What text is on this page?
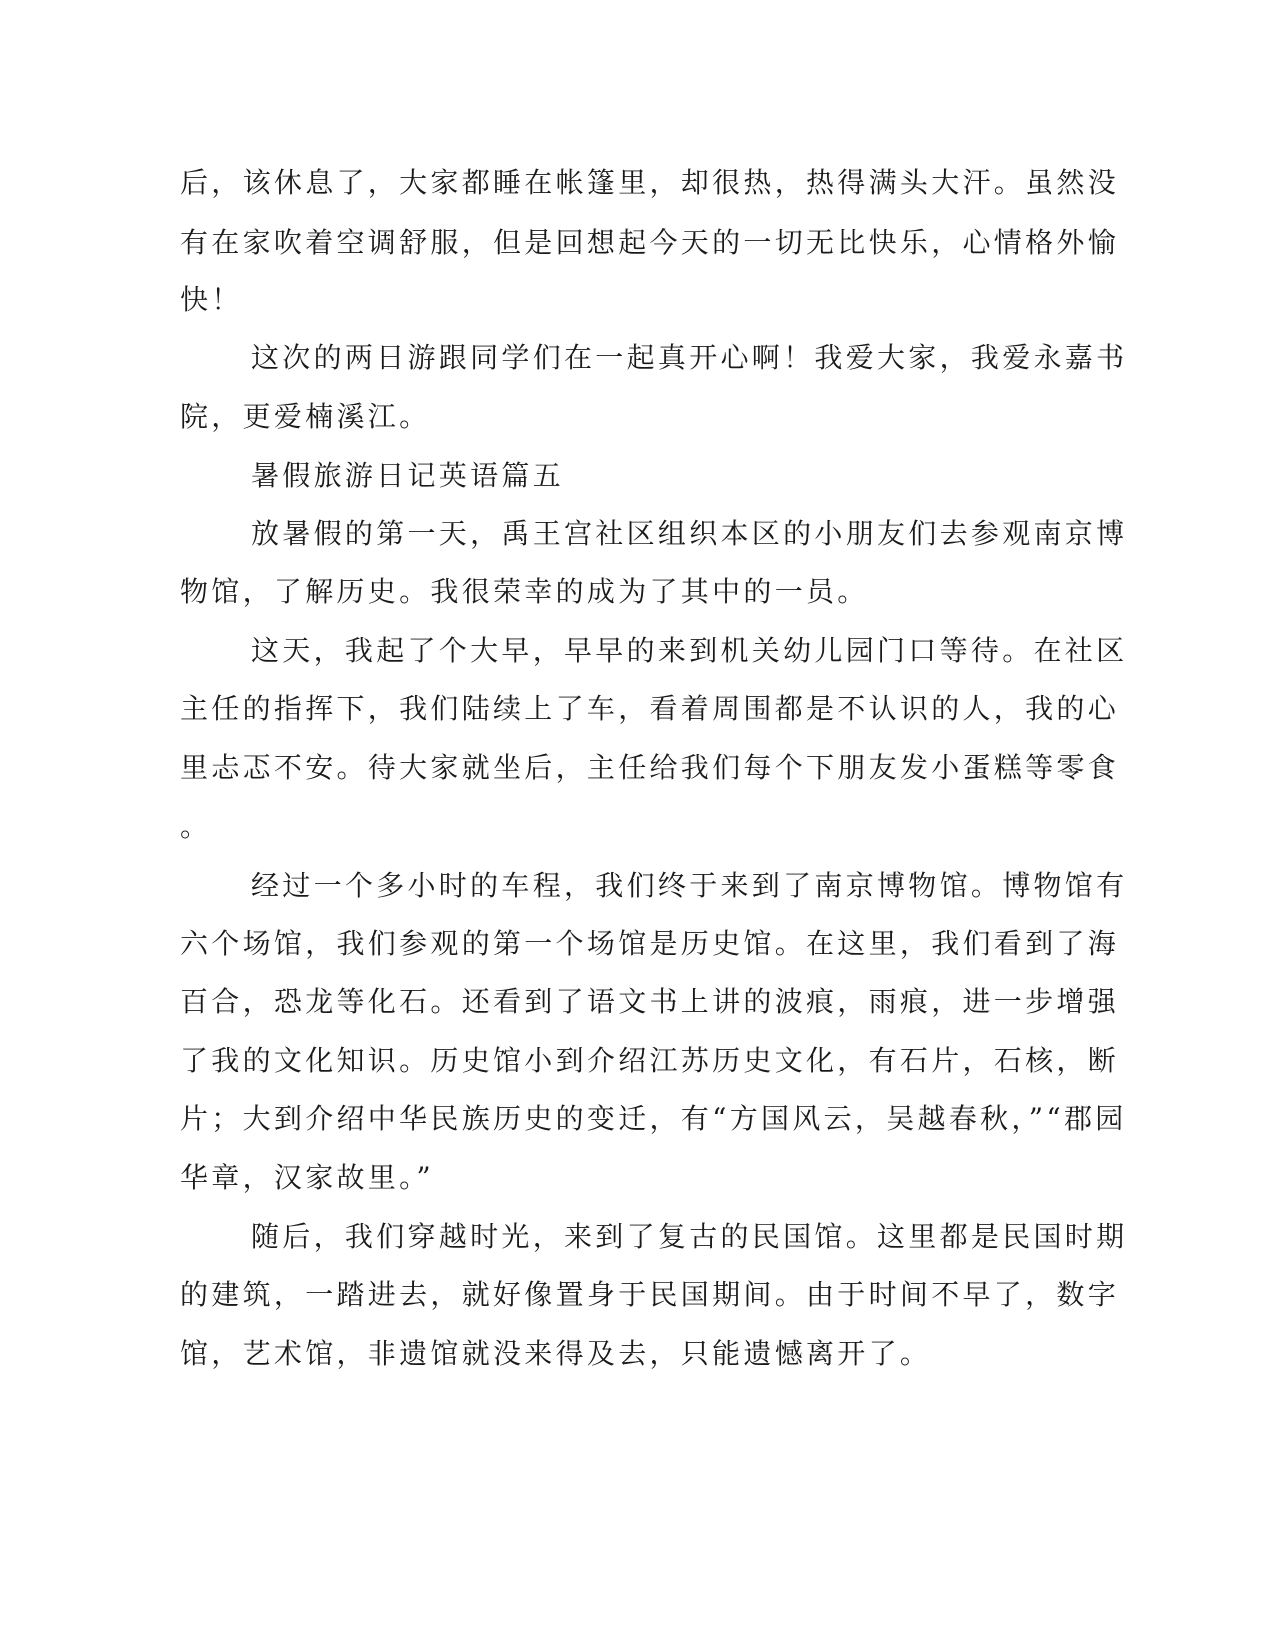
后，该休息了，大家都睡在帐篷里，却很热，热得满头大汗。虽然没
有在家吹着空调舒服，但是回想起今天的一切无比快乐，心情格外愉
快！
这次的两日游跟同学们在一起真开心啊！我爱大家，我爱永嘉书
院，更爱楠溪江。
暑假旅游日记英语篇五
放暑假的第一天，禹王宫社区组织本区的小朋友们去参观南京博
物馆，了解历史。我很荣幸的成为了其中的一员。
这天，我起了个大早，早早的来到机关幼儿园门口等待。在社区
主任的指挥下，我们陆续上了车，看着周围都是不认识的人，我的心
里忐忑不安。待大家就坐后，主任给我们每个下朋友发小蛋糕等零食
。
经过一个多小时的车程，我们终于来到了南京博物馆。博物馆有
六个场馆，我们参观的第一个场馆是历史馆。在这里，我们看到了海
百合，恐龙等化石。还看到了语文书上讲的波痕，雨痕，进一步增强
了我的文化知识。历史馆小到介绍江苏历史文化，有石片，石核，断
片；大到介绍中华民族历史的变迁，有“方国风云，吴越春秋，”“郡园
华章，汉家故里。”
随后，我们穿越时光，来到了复古的民国馆。这里都是民国时期
的建筑，一踏进去，就好像置身于民国期间。由于时间不早了，数字
馆，艺术馆，非遗馆就没来得及去，只能遗憾离开了。
